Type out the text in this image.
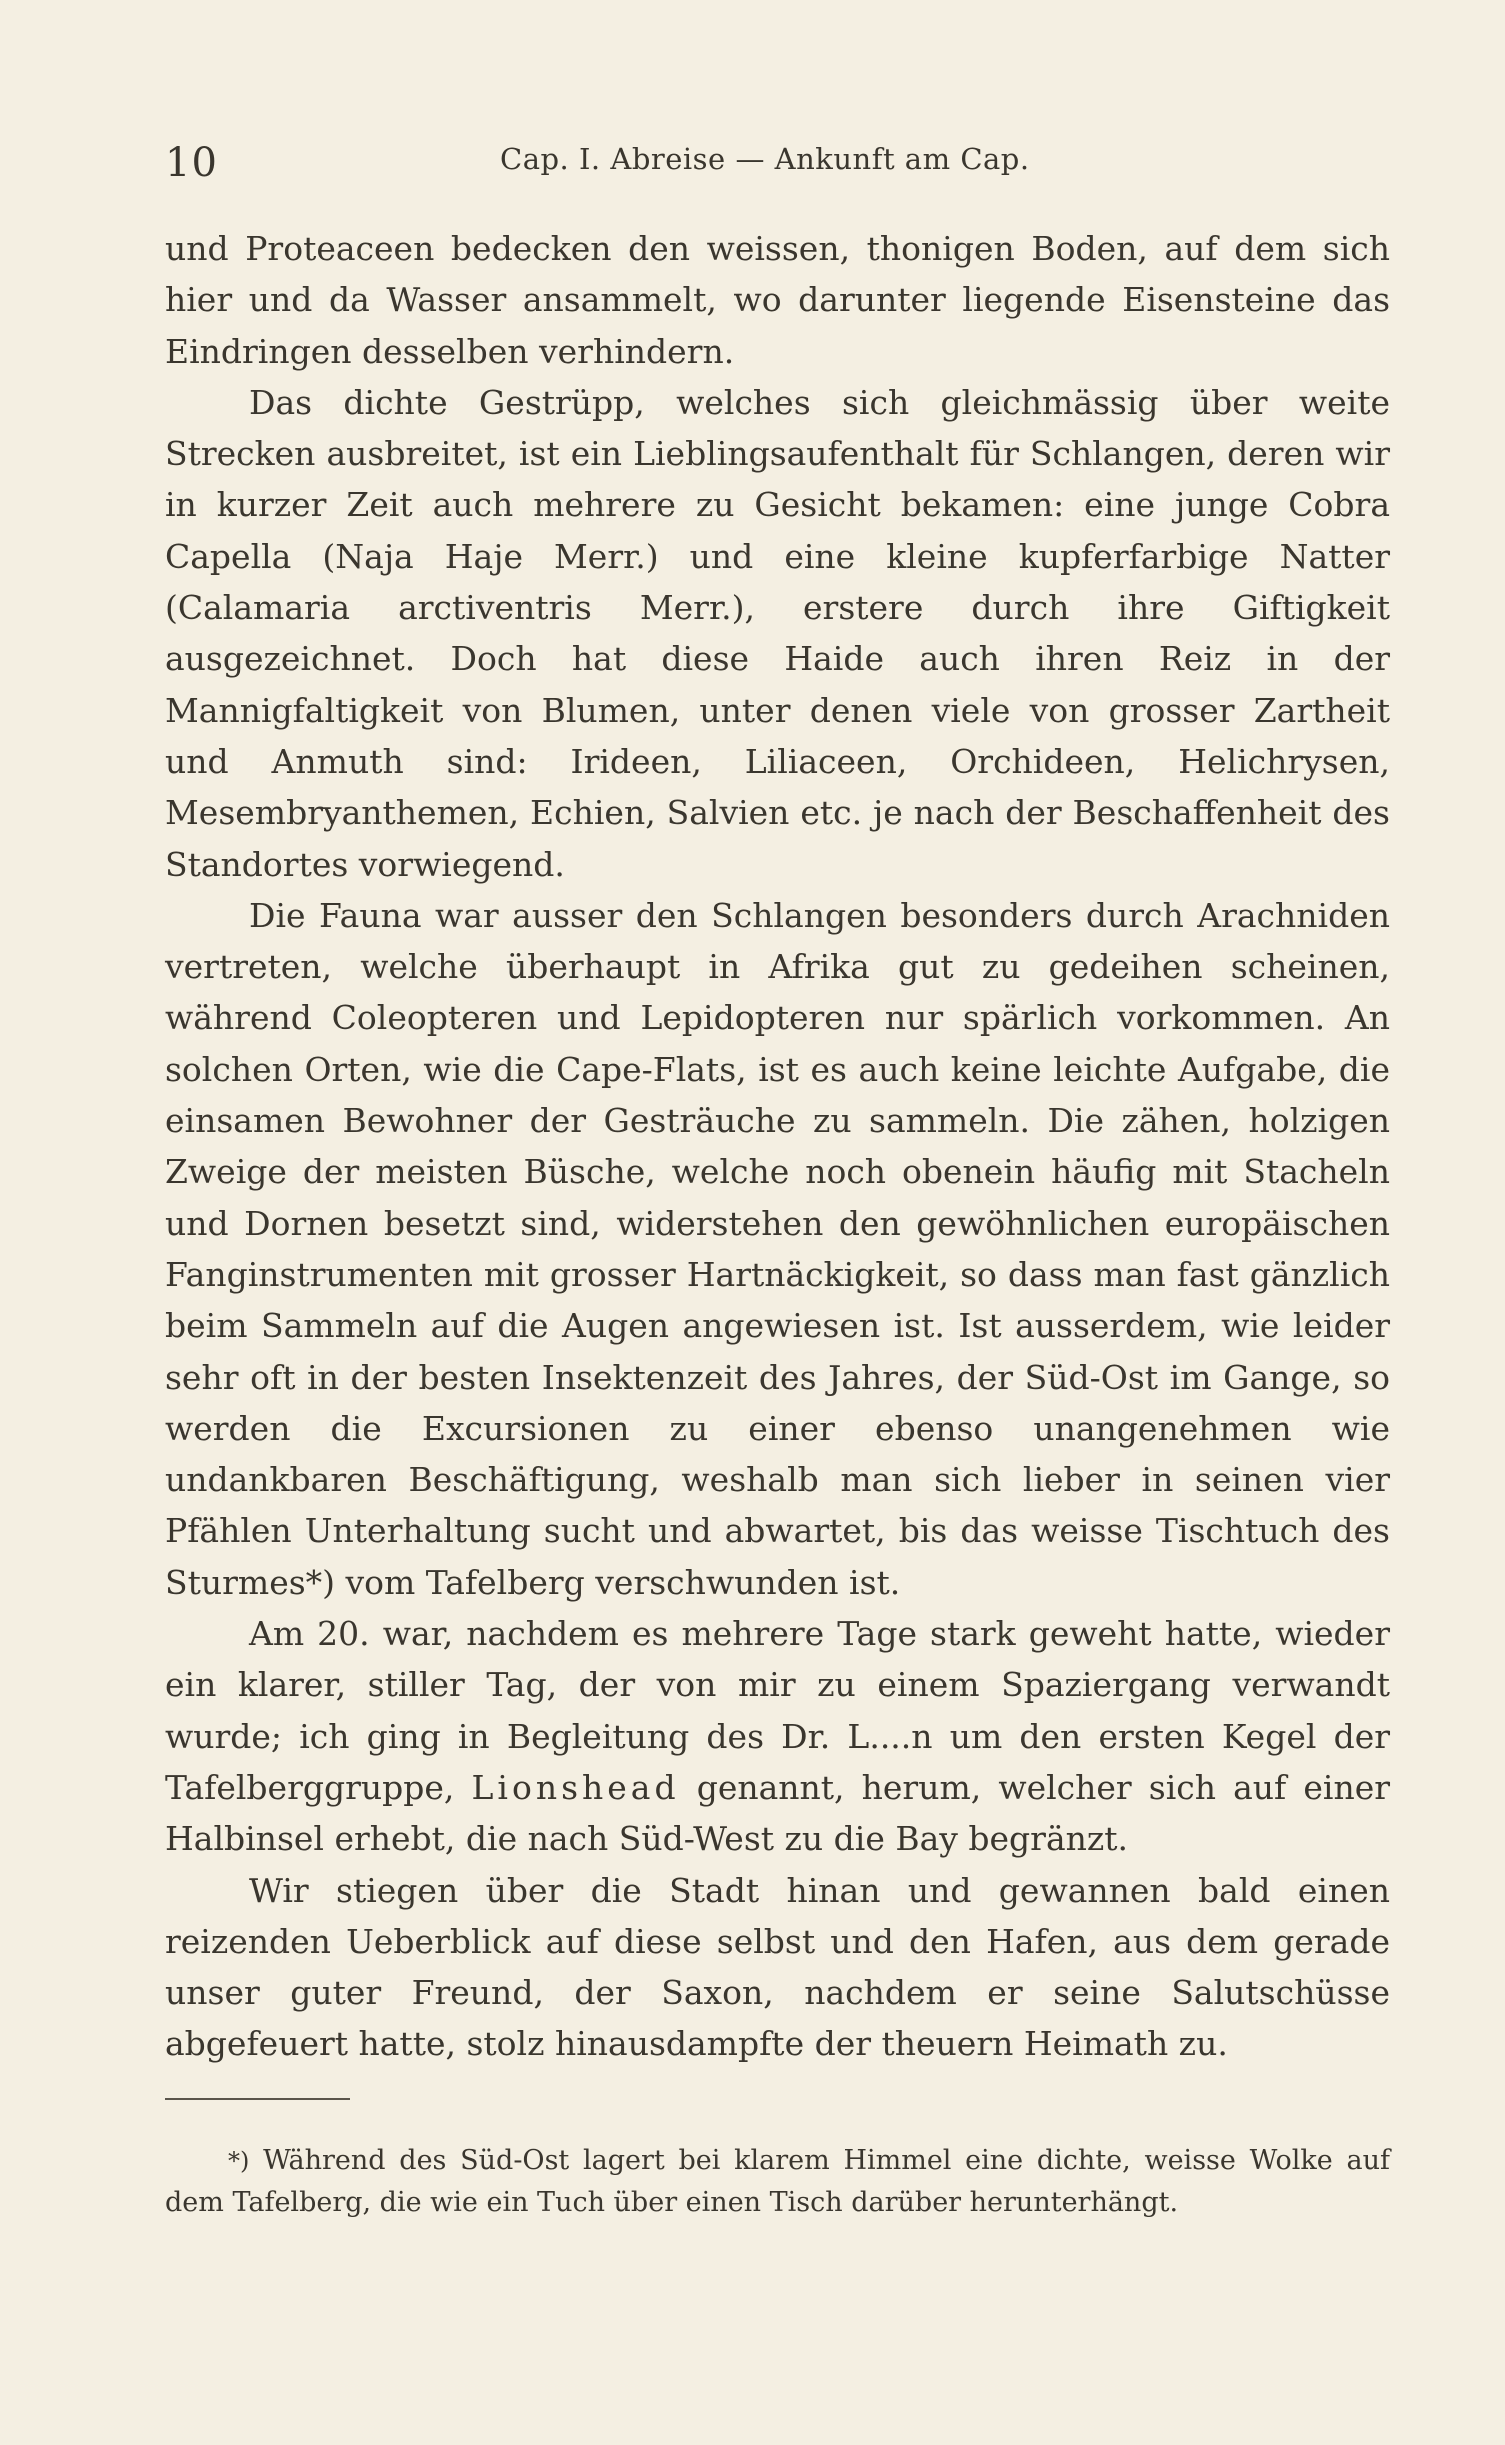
10	Cap. I. Abreise — Ankunft am Cap.

und Proteaceen bedecken den weissen, thonigen Boden, auf dem sich hier und da Wasser ansammelt, wo darunter liegende Eisensteine das Eindringen desselben verhindern.

Das dichte Gestrüpp, welches sich gleichmässig über weite Strecken ausbreitet, ist ein Lieblingsaufenthalt für Schlangen, deren wir in kurzer Zeit auch mehrere zu Gesicht bekamen: eine junge Cobra Capella (Naja Haje Merr.) und eine kleine kupferfarbige Natter (Calamaria arctiventris Merr.), erstere durch ihre Giftigkeit ausgezeichnet. Doch hat diese Haide auch ihren Reiz in der Mannigfaltigkeit von Blumen, unter denen viele von grosser Zartheit und Anmuth sind: Irideen, Liliaceen, Orchideen, Helichrysen, Mesembryanthemen, Echien, Salvien etc. je nach der Beschaffenheit des Standortes vorwiegend.

Die Fauna war ausser den Schlangen besonders durch Arachniden vertreten, welche überhaupt in Afrika gut zu gedeihen scheinen, während Coleopteren und Lepidopteren nur spärlich vorkommen. An solchen Orten, wie die Cape-Flats, ist es auch keine leichte Aufgabe, die einsamen Bewohner der Gesträuche zu sammeln. Die zähen, holzigen Zweige der meisten Büsche, welche noch obenein häufig mit Stacheln und Dornen besetzt sind, widerstehen den gewöhnlichen europäischen Fanginstrumenten mit grosser Hartnäckigkeit, so dass man fast gänzlich beim Sammeln auf die Augen angewiesen ist. Ist ausserdem, wie leider sehr oft in der besten Insektenzeit des Jahres, der Süd-Ost im Gange, so werden die Excursionen zu einer ebenso unangenehmen wie undankbaren Beschäftigung, weshalb man sich lieber in seinen vier Pfählen Unterhaltung sucht und abwartet, bis das weisse Tischtuch des Sturmes*) vom Tafelberg verschwunden ist.

Am 20. war, nachdem es mehrere Tage stark geweht hatte, wieder ein klarer, stiller Tag, der von mir zu einem Spaziergang verwandt wurde; ich ging in Begleitung des Dr. L....n um den ersten Kegel der Tafelberggruppe, Lionshead genannt, herum, welcher sich auf einer Halbinsel erhebt, die nach Süd-West zu die Bay begränzt.

Wir stiegen über die Stadt hinan und gewannen bald einen reizenden Ueberblick auf diese selbst und den Hafen, aus dem gerade unser guter Freund, der Saxon, nachdem er seine Salutschüsse abgefeuert hatte, stolz hinausdampfte der theuern Heimath zu.

*) Während des Süd-Ost lagert bei klarem Himmel eine dichte, weisse Wolke auf dem Tafelberg, die wie ein Tuch über einen Tisch darüber herunterhängt.
